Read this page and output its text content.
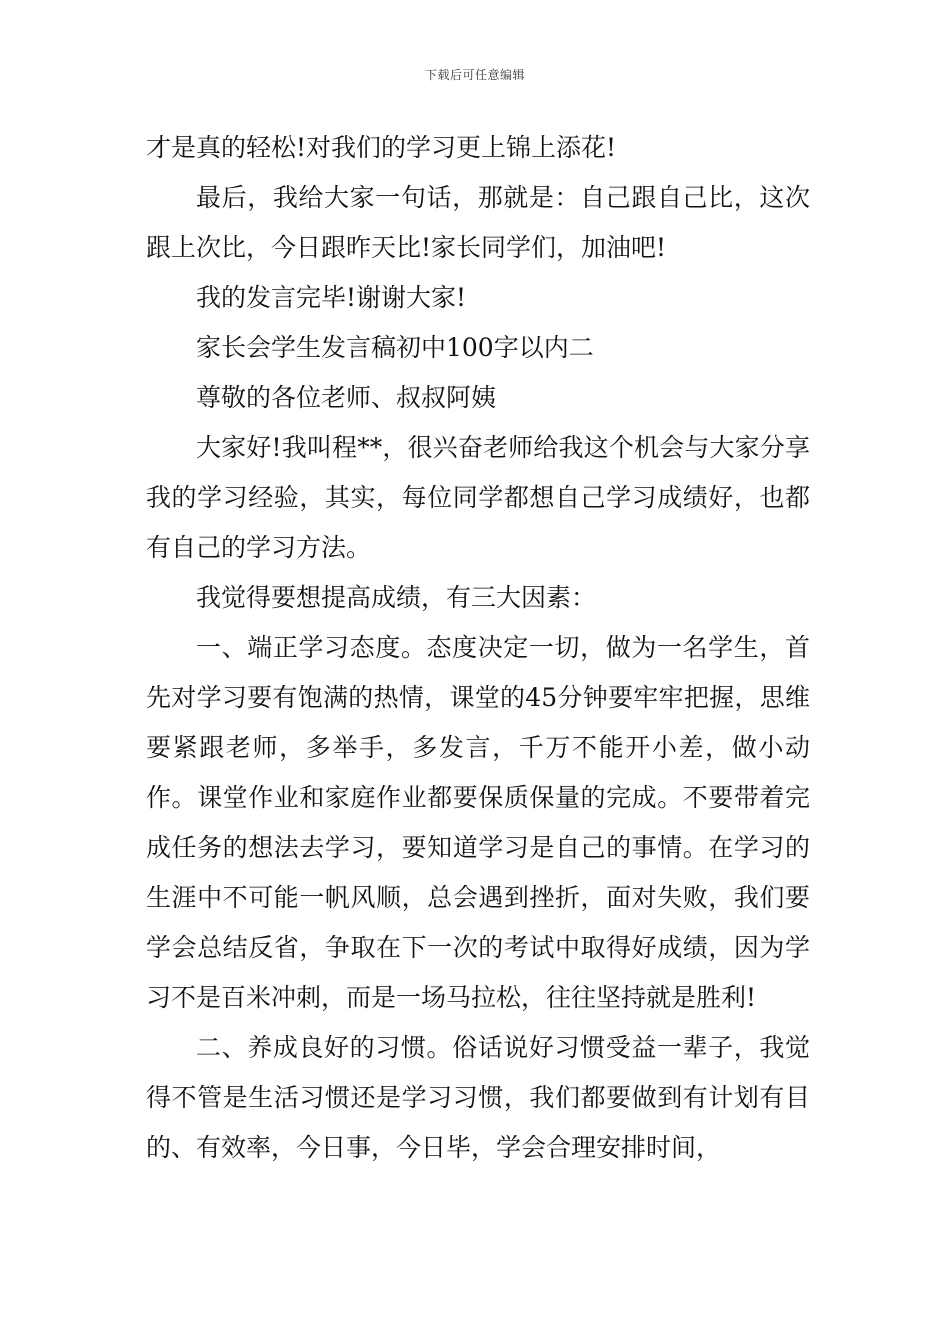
下载后可任意编辑

才是真的轻松!对我们的学习更上锦上添花!

最后，我给大家一句话，那就是：自己跟自己比，这次跟上次比，今日跟昨天比!家长同学们，加油吧!

我的发言完毕!谢谢大家!

家长会学生发言稿初中100字以内二

尊敬的各位老师、叔叔阿姨

大家好!我叫程**，很兴奋老师给我这个机会与大家分享我的学习经验，其实，每位同学都想自己学习成绩好，也都有自己的学习方法。

我觉得要想提高成绩，有三大因素：

一、端正学习态度。态度决定一切，做为一名学生，首先对学习要有饱满的热情，课堂的45分钟要牢牢把握，思维要紧跟老师，多举手，多发言，千万不能开小差，做小动作。课堂作业和家庭作业都要保质保量的完成。不要带着完成任务的想法去学习，要知道学习是自己的事情。在学习的生涯中不可能一帆风顺，总会遇到挫折，面对失败，我们要学会总结反省，争取在下一次的考试中取得好成绩，因为学习不是百米冲刺，而是一场马拉松，往往坚持就是胜利!

二、养成良好的习惯。俗话说好习惯受益一辈子，我觉得不管是生活习惯还是学习习惯，我们都要做到有计划有目的、有效率，今日事，今日毕，学会合理安排时间，
